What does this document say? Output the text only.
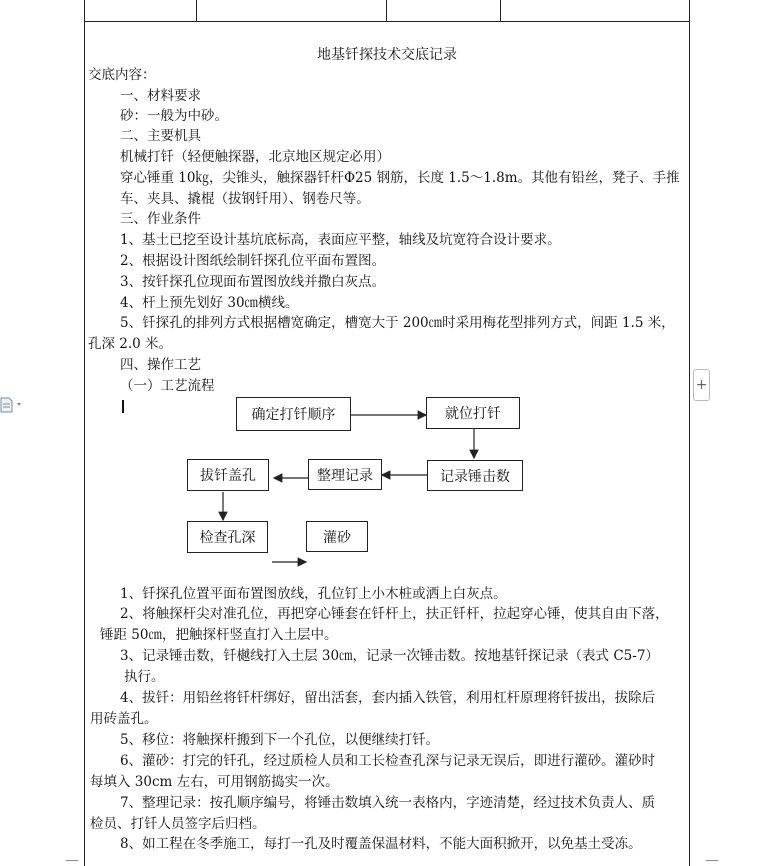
地基钎探技术交底记录
交底内容：
一、材料要求
砂：一般为中砂。
二、主要机具
机械打钎（轻便触探器，北京地区规定必用）
穿心锤重 10㎏，尖锥头，触探器钎杆Φ25 钢筋，长度 1.5～1.8m。其他有铅丝，凳子、手推
车、夹具、撬棍（拔钢钎用）、钢卷尺等。
三、作业条件
1、基土已挖至设计基坑底标高，表面应平整，轴线及坑宽符合设计要求。
2、根据设计图纸绘制钎探孔位平面布置图。
3、按钎探孔位现面布置图放线并撒白灰点。
4、杆上预先划好 30㎝横线。
5、钎探孔的排列方式根据槽宽确定，槽宽大于 200㎝时采用梅花型排列方式，间距 1.5 米，
孔深 2.0 米。
四、操作工艺
（一）工艺流程
1、钎探孔位置平面布置图放线，孔位钉上小木桩或洒上白灰点。
2、将触探杆尖对准孔位，再把穿心锤套在钎杆上，扶正钎杆，拉起穿心锤，使其自由下落，
锤距 50㎝，把触探杆竖直打入土层中。
3、记录锤击数，钎樾线打入土层 30㎝，记录一次锤击数。按地基钎探记录（表式 C5-7）
执行。
4、拔钎：用铅丝将钎杆绑好，留出活套，套内插入铁管，利用杠杆原理将钎拔出，拔除后
用砖盖孔。
5、移位：将触探杆搬到下一个孔位，以便继续打钎。
6、灌砂：打完的钎孔，经过质检人员和工长检查孔深与记录无误后，即进行灌砂。灌砂时
每填入 30cm 左右，可用钢筋捣实一次。
7、整理记录：按孔顺序编号，将锤击数填入统一表格内，字迹清楚，经过技术负责人、质
检员、打钎人员签字后归档。
8、如工程在冬季施工，每打一孔及时覆盖保温材料，不能大面积掀开，以免基土受冻。
确定打钎顺序	就位打钎
记录锤击数
整理记录
拔钎盖孔
检查孔深	灌砂
+
